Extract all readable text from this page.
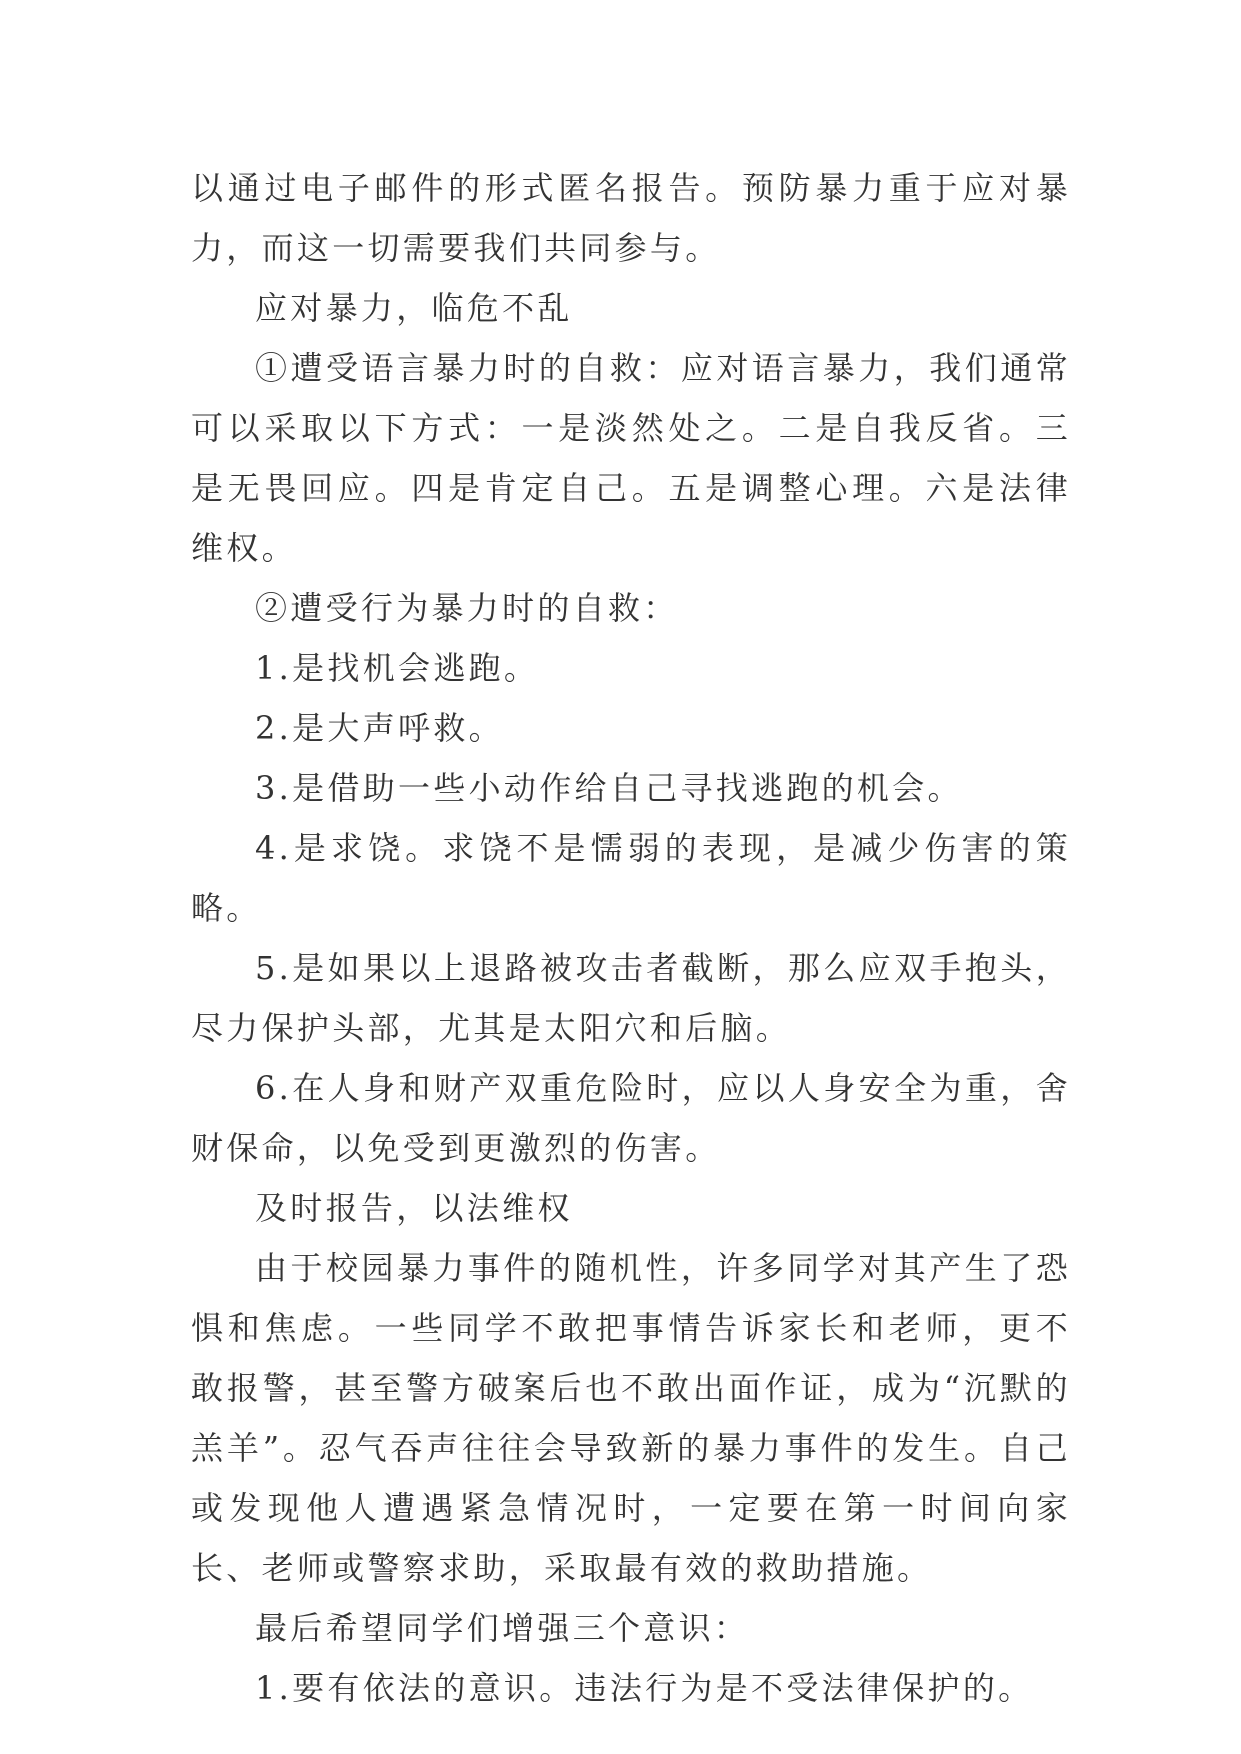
以通过电子邮件的形式匿名报告。预防暴力重于应对暴力，而这一切需要我们共同参与。

应对暴力，临危不乱

①遭受语言暴力时的自救：应对语言暴力，我们通常可以采取以下方式：一是淡然处之。二是自我反省。三是无畏回应。四是肯定自己。五是调整心理。六是法律维权。

②遭受行为暴力时的自救：

1.是找机会逃跑。

2.是大声呼救。

3.是借助一些小动作给自己寻找逃跑的机会。

4.是求饶。求饶不是懦弱的表现，是减少伤害的策略。

5.是如果以上退路被攻击者截断，那么应双手抱头，尽力保护头部，尤其是太阳穴和后脑。

6.在人身和财产双重危险时，应以人身安全为重，舍财保命，以免受到更激烈的伤害。

及时报告，以法维权

由于校园暴力事件的随机性，许多同学对其产生了恐惧和焦虑。一些同学不敢把事情告诉家长和老师，更不敢报警，甚至警方破案后也不敢出面作证，成为“沉默的羔羊”。忍气吞声往往会导致新的暴力事件的发生。自己或发现他人遭遇紧急情况时，一定要在第一时间向家长、老师或警察求助，采取最有效的救助措施。

最后希望同学们增强三个意识：

1.要有依法的意识。违法行为是不受法律保护的。
